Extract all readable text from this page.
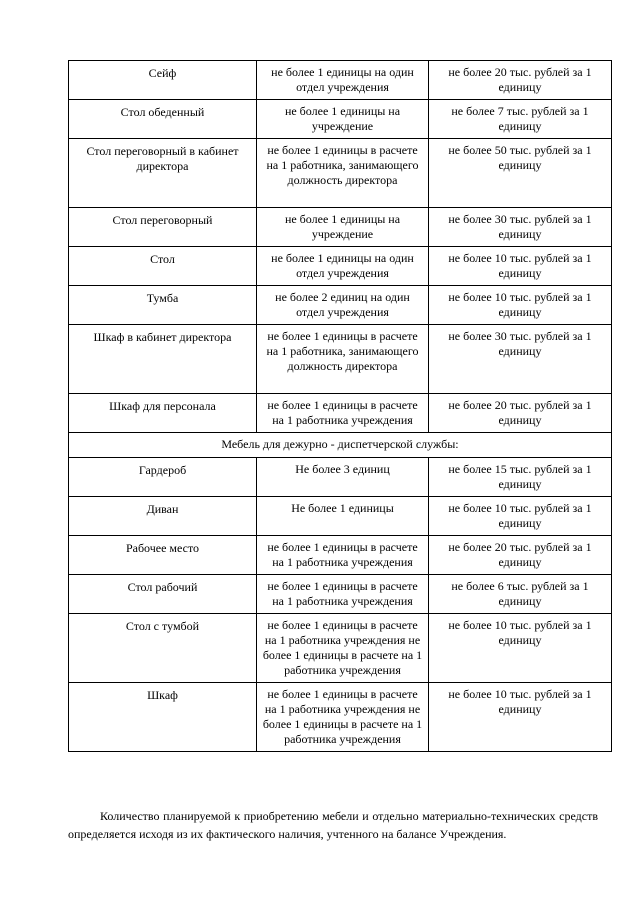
Сейф	не более 1 единицы на один отдел учреждения	не более 20 тыс. рублей за 1 единицу
Стол обеденный	не более 1 единицы на учреждение	не более 7 тыс. рублей за 1 единицу
Стол переговорный в кабинет директора	не более 1 единицы в расчете на 1 работника, занимающего должность директора	не более 50 тыс. рублей за 1 единицу
Стол переговорный	не более 1 единицы на учреждение	не более 30 тыс. рублей за 1 единицу
Стол	не более 1 единицы на один отдел учреждения	не более 10 тыс. рублей за 1 единицу
Тумба	не более 2 единиц на один отдел учреждения	не более 10 тыс. рублей за 1 единицу
Шкаф в кабинет директора	не более 1 единицы в расчете на 1 работника, занимающего должность директора	не более 30 тыс. рублей за 1 единицу
Шкаф для персонала	не более 1 единицы в расчете на 1 работника учреждения	не более 20 тыс. рублей за 1 единицу
Мебель для дежурно - диспетчерской службы:		
Гардероб	Не более 3 единиц	не более 15 тыс. рублей за 1 единицу
Диван	Не более 1 единицы	не более 10 тыс. рублей за 1 единицу
Рабочее место	не более 1 единицы в расчете на 1 работника учреждения	не более 20 тыс. рублей за 1 единицу
Стол рабочий	не более 1 единицы в расчете на 1 работника учреждения	не более 6 тыс. рублей за 1 единицу
Стол с тумбой	не более 1 единицы в расчете на 1 работника учреждения не более 1 единицы в расчете на 1 работника учреждения	не более 10 тыс. рублей за 1 единицу
Шкаф	не более 1 единицы в расчете на 1 работника учреждения не более 1 единицы в расчете на 1 работника учреждения	не более 10 тыс. рублей за 1 единицу

Количество планируемой к приобретению мебели и отдельно материально-технических средств определяется исходя из их фактического наличия, учтенного на балансе Учреждения.
